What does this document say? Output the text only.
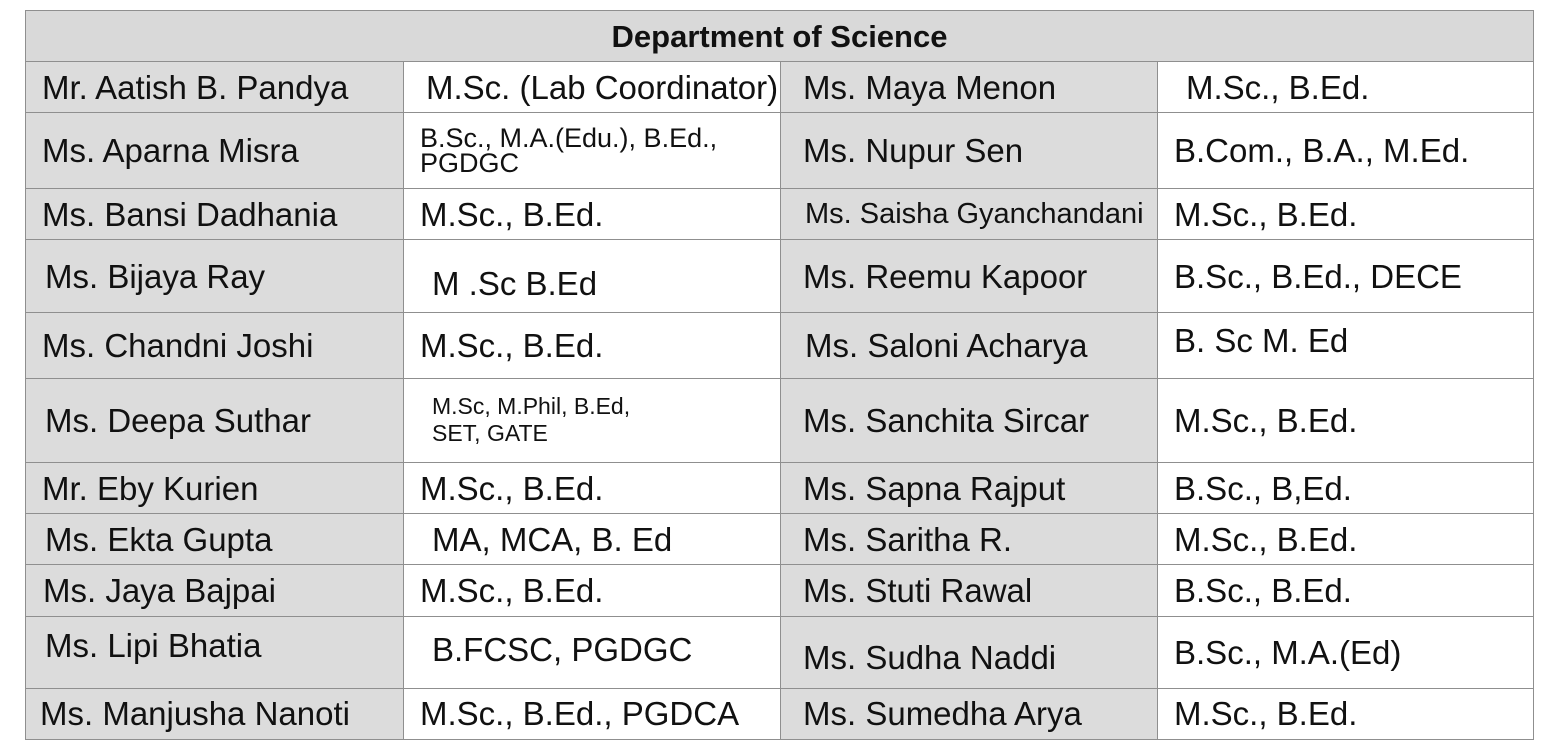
Department of Science			
Mr. Aatish B. Pandya	M.Sc. (Lab Coordinator)	Ms. Maya Menon	M.Sc., B.Ed.
Ms. Aparna Misra	B.Sc., M.A.(Edu.), B.Ed., PGDGC	Ms. Nupur Sen	B.Com., B.A., M.Ed.
Ms. Bansi Dadhania	M.Sc., B.Ed.	Ms. Saisha Gyanchandani	M.Sc., B.Ed.
Ms. Bijaya Ray	M .Sc B.Ed	Ms. Reemu Kapoor	B.Sc., B.Ed., DECE
Ms. Chandni Joshi	M.Sc., B.Ed.	Ms. Saloni Acharya	B. Sc M. Ed
Ms. Deepa Suthar	M.Sc, M.Phil, B.Ed, SET, GATE	Ms. Sanchita Sircar	M.Sc., B.Ed.
Mr. Eby Kurien	M.Sc., B.Ed.	Ms. Sapna Rajput	B.Sc., B,Ed.
Ms. Ekta Gupta	MA, MCA, B. Ed	Ms. Saritha R.	M.Sc., B.Ed.
Ms. Jaya Bajpai	M.Sc., B.Ed.	Ms. Stuti Rawal	B.Sc., B.Ed.
Ms. Lipi Bhatia	B.FCSC, PGDGC	Ms. Sudha Naddi	B.Sc., M.A.(Ed)
Ms. Manjusha Nanoti	M.Sc., B.Ed., PGDCA	Ms. Sumedha Arya	M.Sc., B.Ed.
